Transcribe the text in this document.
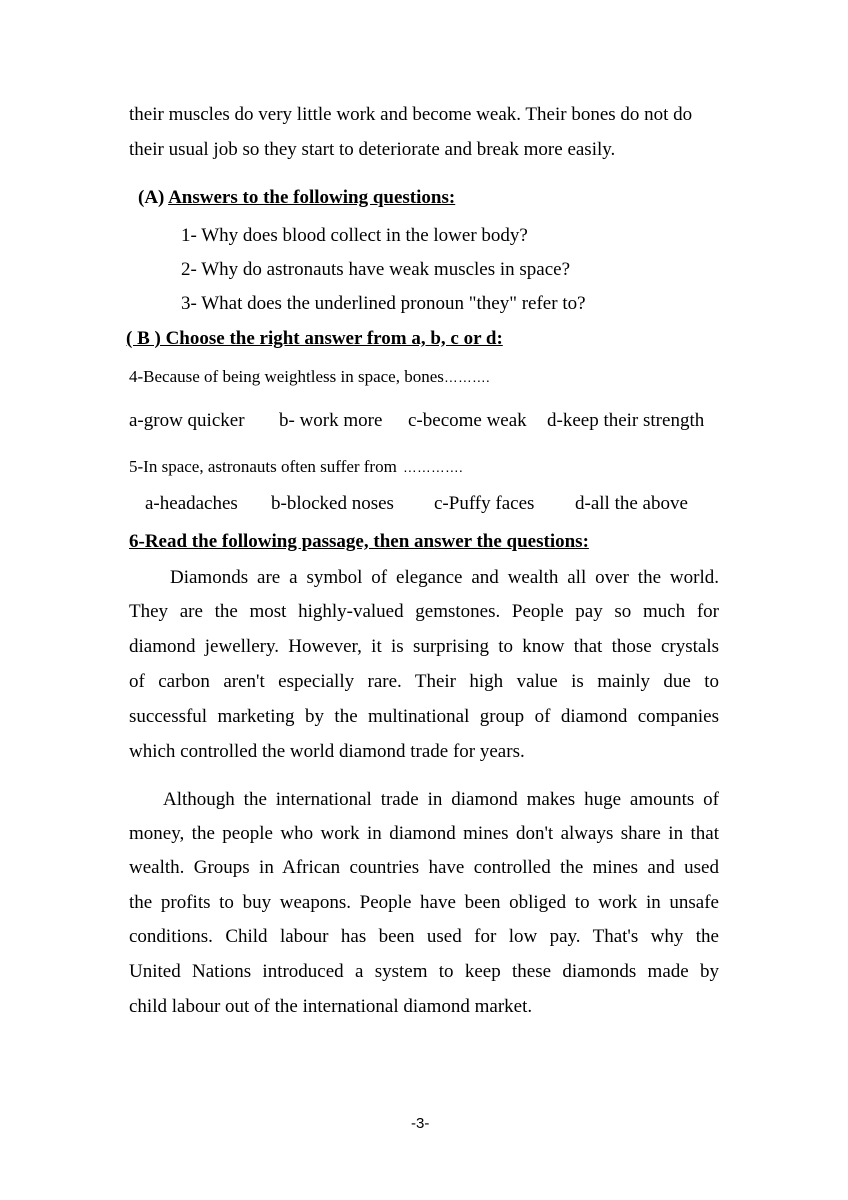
their muscles do very little work and become weak. Their bones do not do
their usual job so they start to deteriorate and break more easily.
(A) Answers to the following questions:
1- Why does blood collect in the lower body?
2- Why do astronauts have weak muscles in space?
3- What does the underlined pronoun "they" refer to?
( B ) Choose the right answer from a, b, c or d:
4-Because of being weightless in space, bones……….
a-grow quicker b- work more c-become weak d-keep their strength
5-In space, astronauts often suffer from ………….
a-headaches b-blocked noses c-Puffy faces d-all the above
6-Read the following passage, then answer the questions:
Diamonds are a symbol of elegance and wealth all over the world.
They are the most highly-valued gemstones. People pay so much for
diamond jewellery. However, it is surprising to know that those crystals
of carbon aren't especially rare. Their high value is mainly due to
successful marketing by the multinational group of diamond companies
which controlled the world diamond trade for years.
Although the international trade in diamond makes huge amounts of
money, the people who work in diamond mines don't always share in that
wealth. Groups in African countries have controlled the mines and used
the profits to buy weapons. People have been obliged to work in unsafe
conditions. Child labour has been used for low pay. That's why the
United Nations introduced a system to keep these diamonds made by
child labour out of the international diamond market.
-3-
